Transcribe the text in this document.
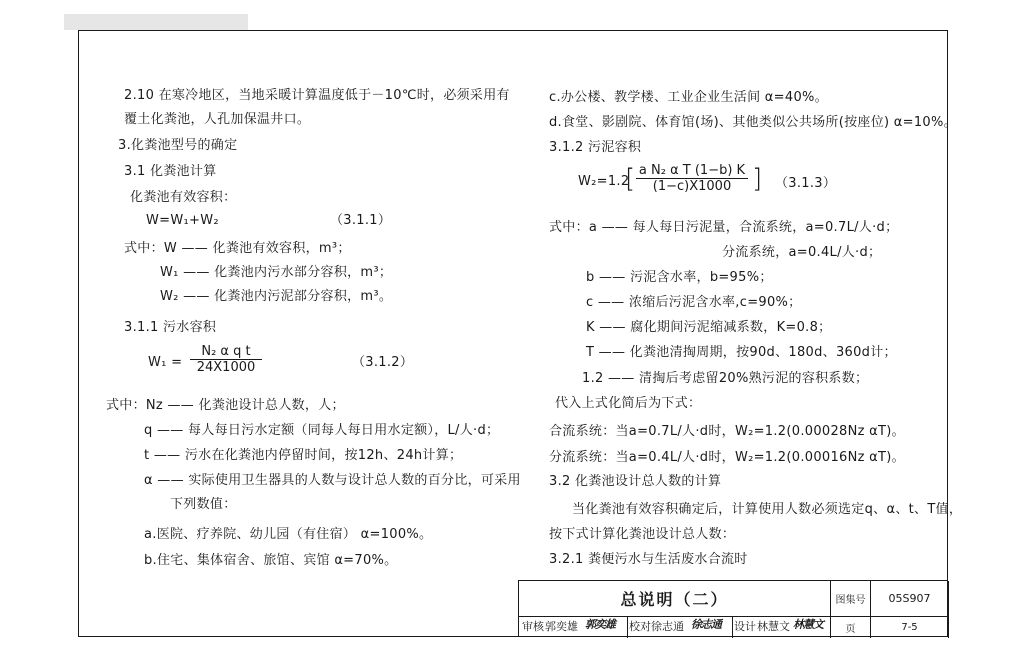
2.10 在寒冷地区，当地采暖计算温度低于－10℃时，必须采用有
覆土化粪池，人孔加保温井口。
3.化粪池型号的确定
3.1 化粪池计算
化粪池有效容积：
W=W₁+W₂	（3.1.1）
式中：W —— 化粪池有效容积，m³；
W₁ —— 化粪池内污水部分容积，m³；
W₂ —— 化粪池内污泥部分容积，m³。
3.1.1 污水容积
$W_1 = \frac{\text{N₂ α q t}}{24X1000}$	（3.1.2）
式中：Nz —— 化粪池设计总人数，人；
q —— 每人每日污水定额（同每人每日用水定额），L/人·d；
t —— 污水在化粪池内停留时间，按12h、24h计算；
α —— 实际使用卫生器具的人数与设计总人数的百分比，可采用
下列数值：
a.医院、疗养院、幼儿园（有住宿） α=100%。
b.住宅、集体宿舍、旅馆、宾馆 α=70%。
c.办公楼、教学楼、工业企业生活间 α=40%。
d.食堂、影剧院、体育馆(场)、其他类似公共场所(按座位) α=10%。
3.1.2 污泥容积
W₂=1.2
[ $\frac{\text{a N₂ α T (1−b) K}}{(1-c)X1000}$ ] （3.1.3）
式中：a —— 每人每日污泥量，合流系统，a=0.7L/人·d；
分流系统，a=0.4L/人·d；
b —— 污泥含水率，b=95%；
c —— 浓缩后污泥含水率,c=90%；
K —— 腐化期间污泥缩减系数，K=0.8；
T —— 化粪池清掏周期，按90d、180d、360d计；
1.2 —— 清掏后考虑留20%熟污泥的容积系数；
代入上式化简后为下式：
合流系统：当a=0.7L/人·d时，W₂=1.2(0.00028Nz αT)。
分流系统：当a=0.4L/人·d时，W₂=1.2(0.00016Nz αT)。
3.2 化粪池设计总人数的计算
当化粪池有效容积确定后，计算使用人数必须选定q、α、t、T值，
按下式计算化粪池设计总人数：
3.2.1 粪便污水与生活废水合流时
总说明（二）	图集号	05S907
审核 郭奕雄 郭奕雄 校对 徐志通 徐志通 设计 林慧文 林慧文	页	7-5
